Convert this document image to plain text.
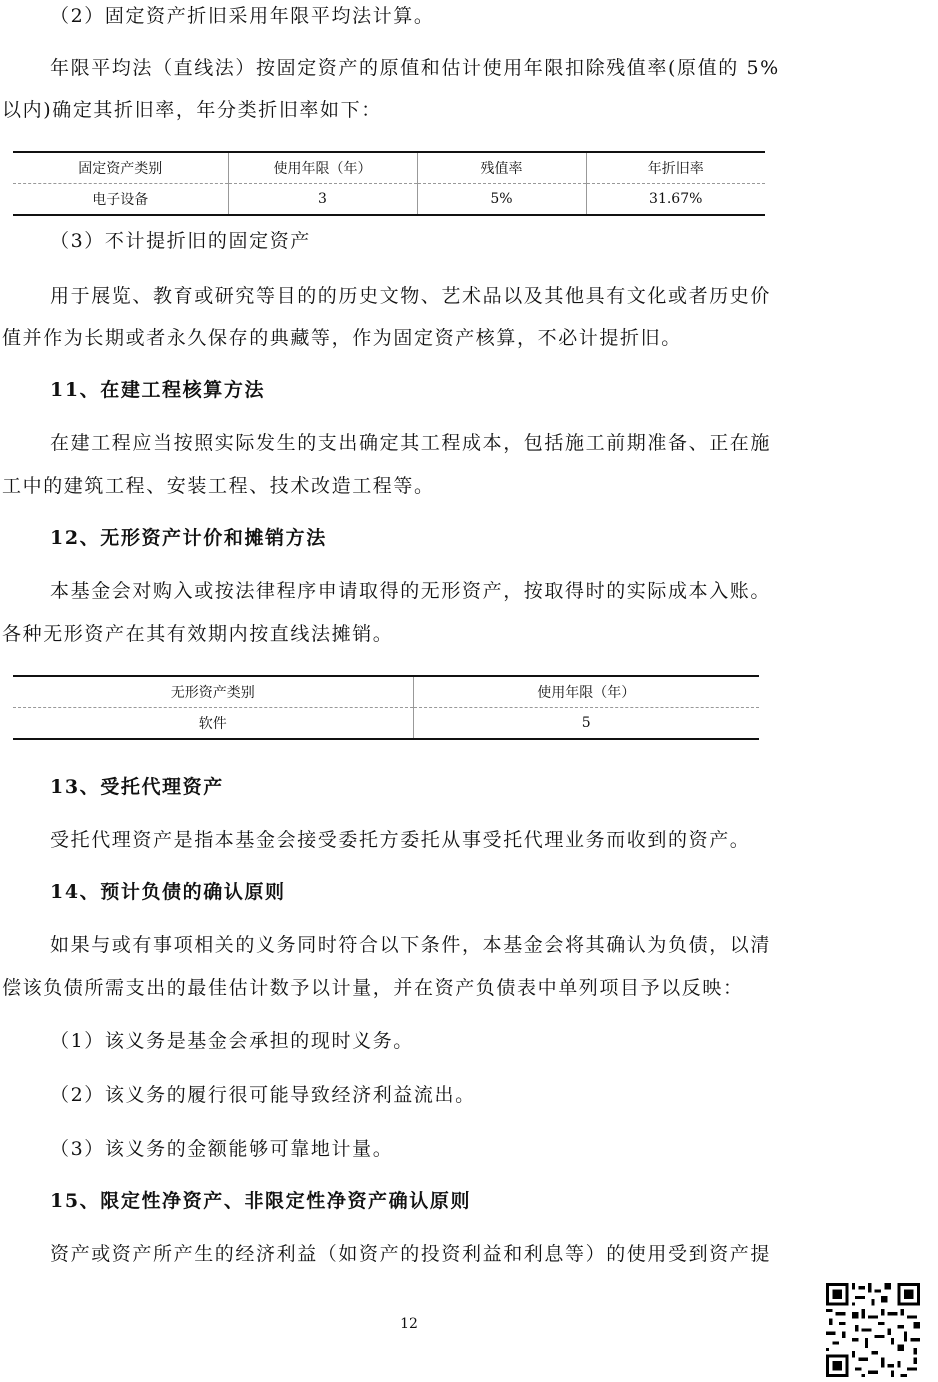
（2）固定资产折旧采用年限平均法计算。
年限平均法（直线法）按固定资产的原值和估计使用年限扣除残值率(原值的 5%
以内)确定其折旧率，年分类折旧率如下：
固定资产类别	使用年限（年）	残值率	年折旧率
电子设备	3	5%	31.67%
（3）不计提折旧的固定资产
用于展览、教育或研究等目的的历史文物、艺术品以及其他具有文化或者历史价
值并作为长期或者永久保存的典藏等，作为固定资产核算，不必计提折旧。
11、在建工程核算方法
在建工程应当按照实际发生的支出确定其工程成本，包括施工前期准备、正在施
工中的建筑工程、安装工程、技术改造工程等。
12、无形资产计价和摊销方法
本基金会对购入或按法律程序申请取得的无形资产，按取得时的实际成本入账。
各种无形资产在其有效期内按直线法摊销。
无形资产类别	使用年限（年）
软件	5
13、受托代理资产
受托代理资产是指本基金会接受委托方委托从事受托代理业务而收到的资产。
14、预计负债的确认原则
如果与或有事项相关的义务同时符合以下条件，本基金会将其确认为负债，以清
偿该负债所需支出的最佳估计数予以计量，并在资产负债表中单列项目予以反映：
（1）该义务是基金会承担的现时义务。
（2）该义务的履行很可能导致经济利益流出。
（3）该义务的金额能够可靠地计量。
15、限定性净资产、非限定性净资产确认原则
资产或资产所产生的经济利益（如资产的投资利益和利息等）的使用受到资产提
12
